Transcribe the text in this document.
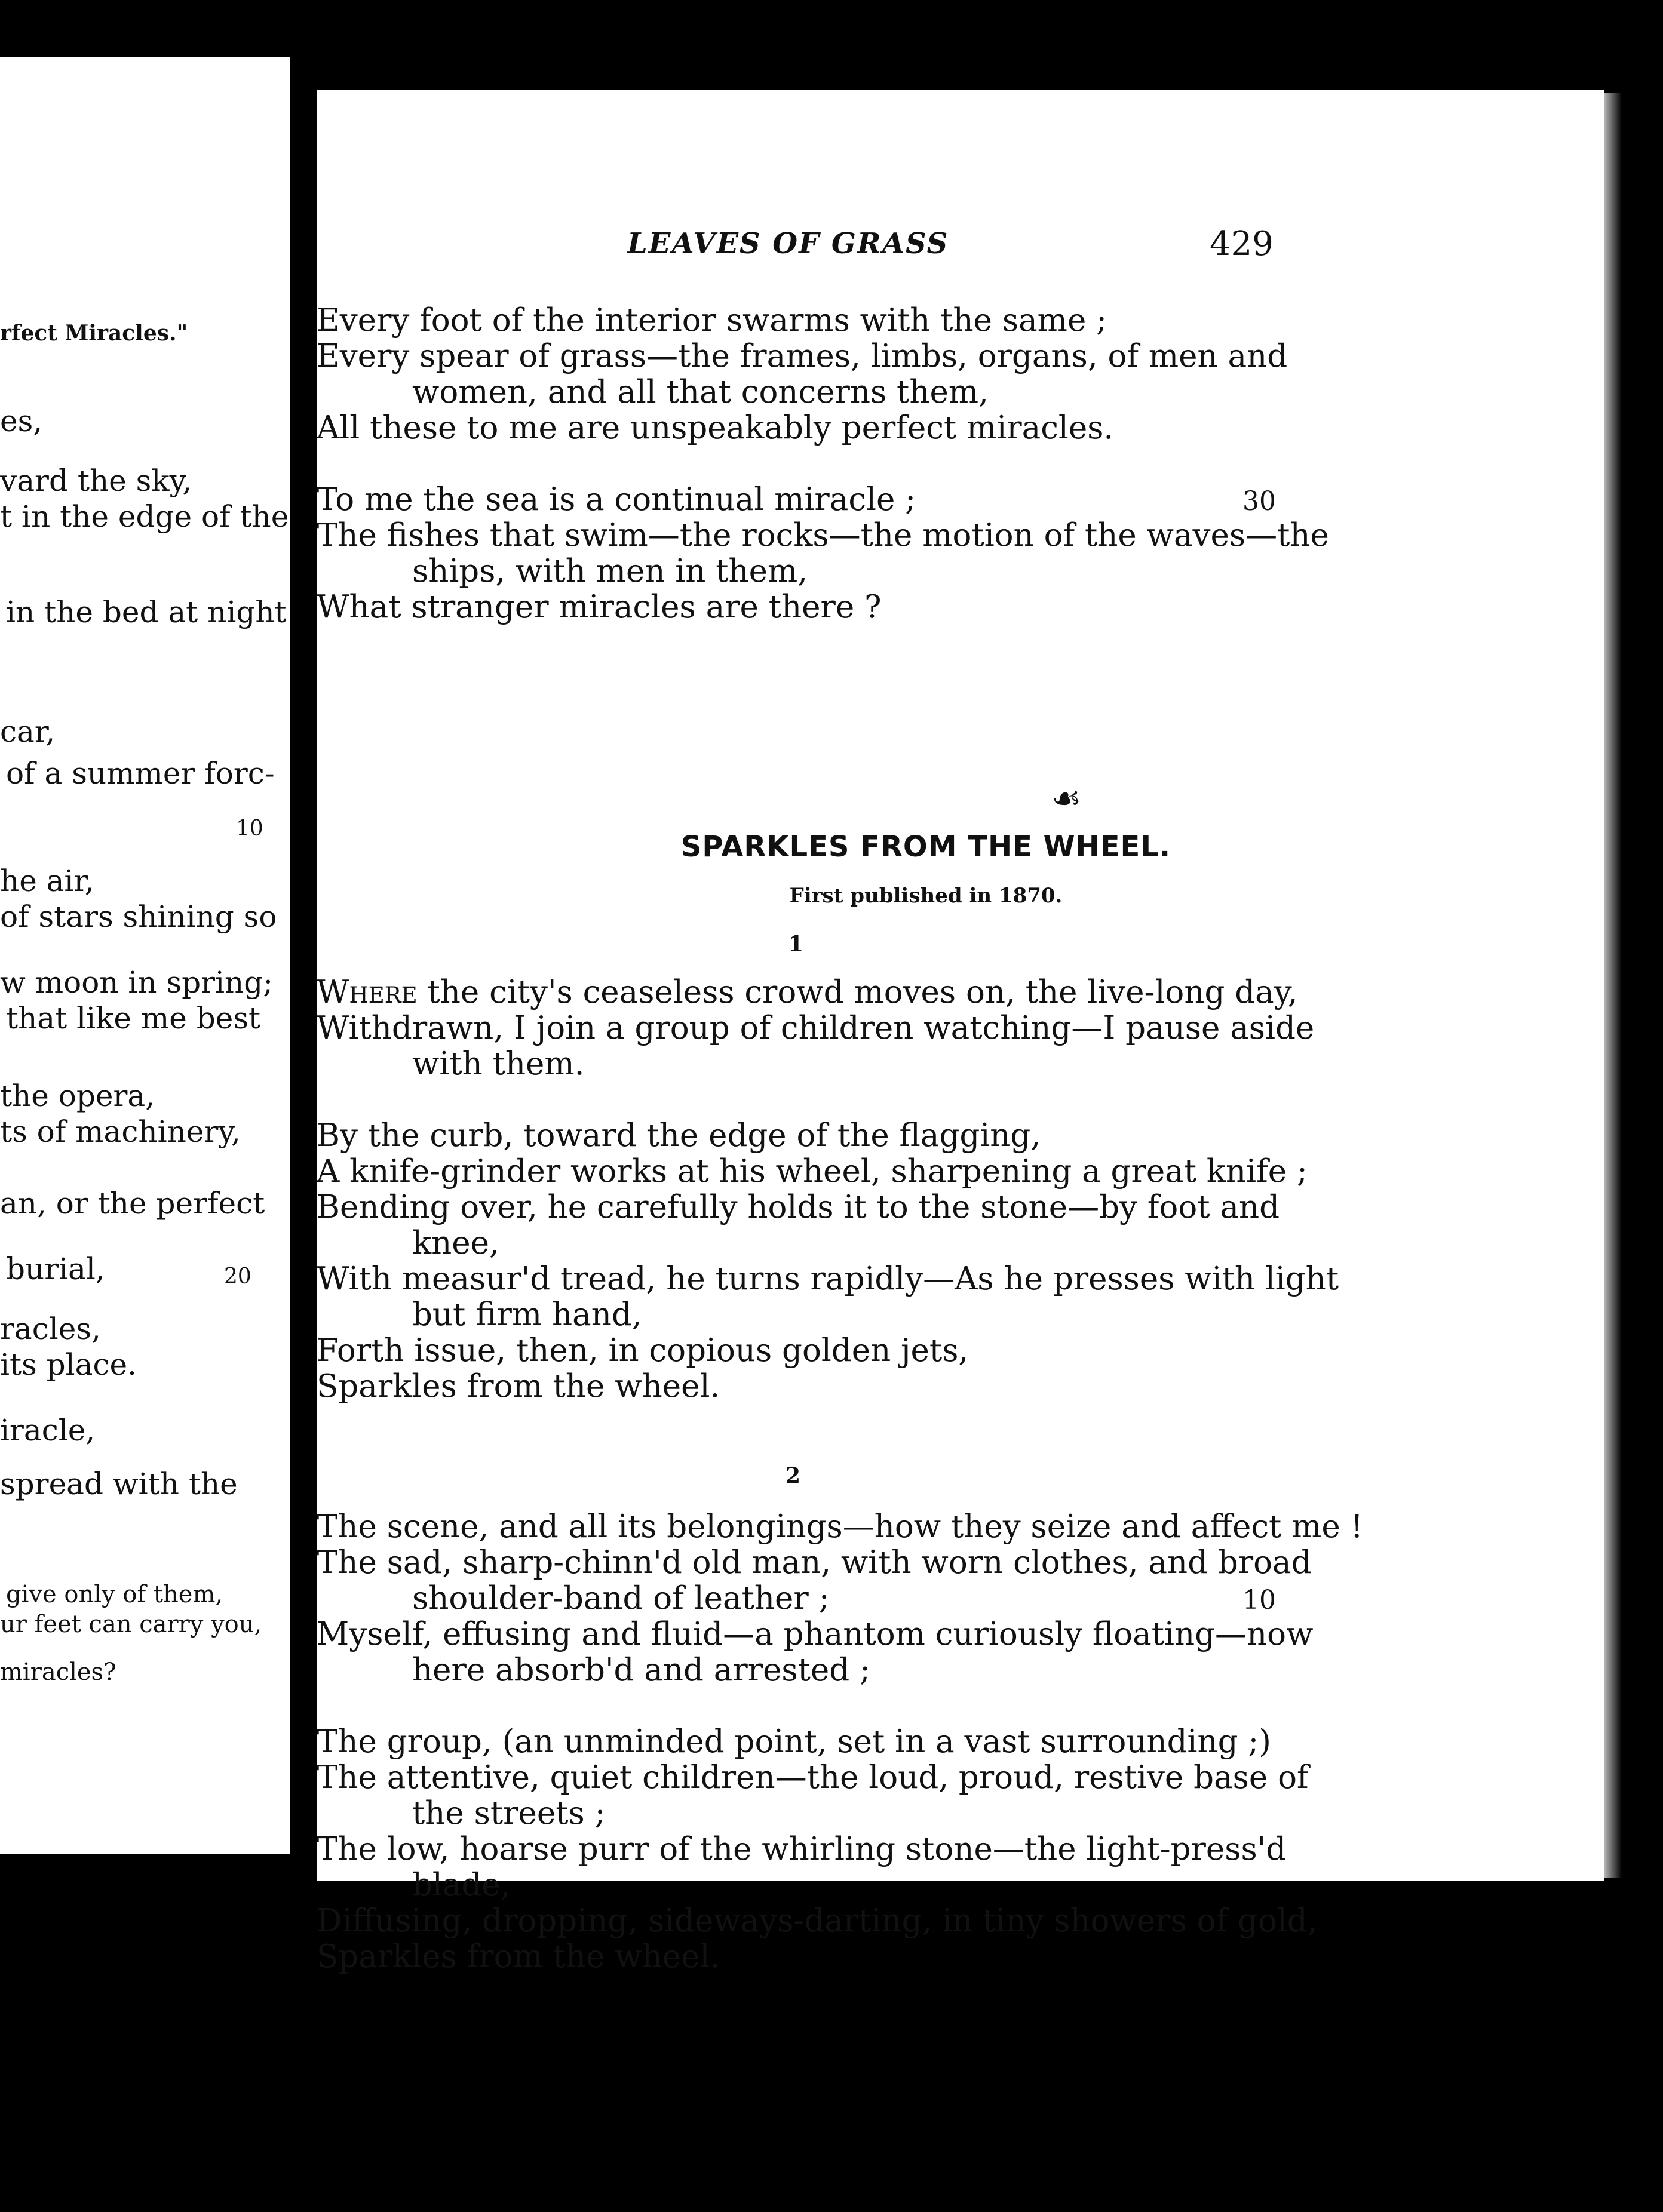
rfect Miracles."
es,
vard the sky,
t in the edge of the
in the bed at night
car,
of a summer forc-
10
he air,
of stars shining so
w moon in spring;
that like me best
the opera,
ts of machinery,
an, or the perfect
burial,	20
racles,
its place.
iracle,
spread with the
give only of them,
ur feet can carry you,
miracles?
LEAVES OF GRASS	429
Every foot of the interior swarms with the same ;
Every spear of grass—the frames, limbs, organs, of men and
women, and all that concerns them,
All these to me are unspeakably perfect miracles.
To me the sea is a continual miracle ;	30
The fishes that swim—the rocks—the motion of the waves—the
ships, with men in them,
What stranger miracles are there ?
☙
SPARKLES FROM THE WHEEL.
First published in 1870.
1
Where the city's ceaseless crowd moves on, the live-long day,
Withdrawn, I join a group of children watching—I pause aside
with them.
By the curb, toward the edge of the flagging,
A knife-grinder works at his wheel, sharpening a great knife ;
Bending over, he carefully holds it to the stone—by foot and
knee,
With measur'd tread, he turns rapidly—As he presses with light
but firm hand,
Forth issue, then, in copious golden jets,
Sparkles from the wheel.
2
The scene, and all its belongings—how they seize and affect me !
The sad, sharp-chinn'd old man, with worn clothes, and broad
shoulder-band of leather ;	10
Myself, effusing and fluid—a phantom curiously floating—now
here absorb'd and arrested ;
The group, (an unminded point, set in a vast surrounding ;)
The attentive, quiet children—the loud, proud, restive base of
the streets ;
The low, hoarse purr of the whirling stone—the light-press'd
blade,
Diffusing, dropping, sideways-darting, in tiny showers of gold,
Sparkles from the wheel.
